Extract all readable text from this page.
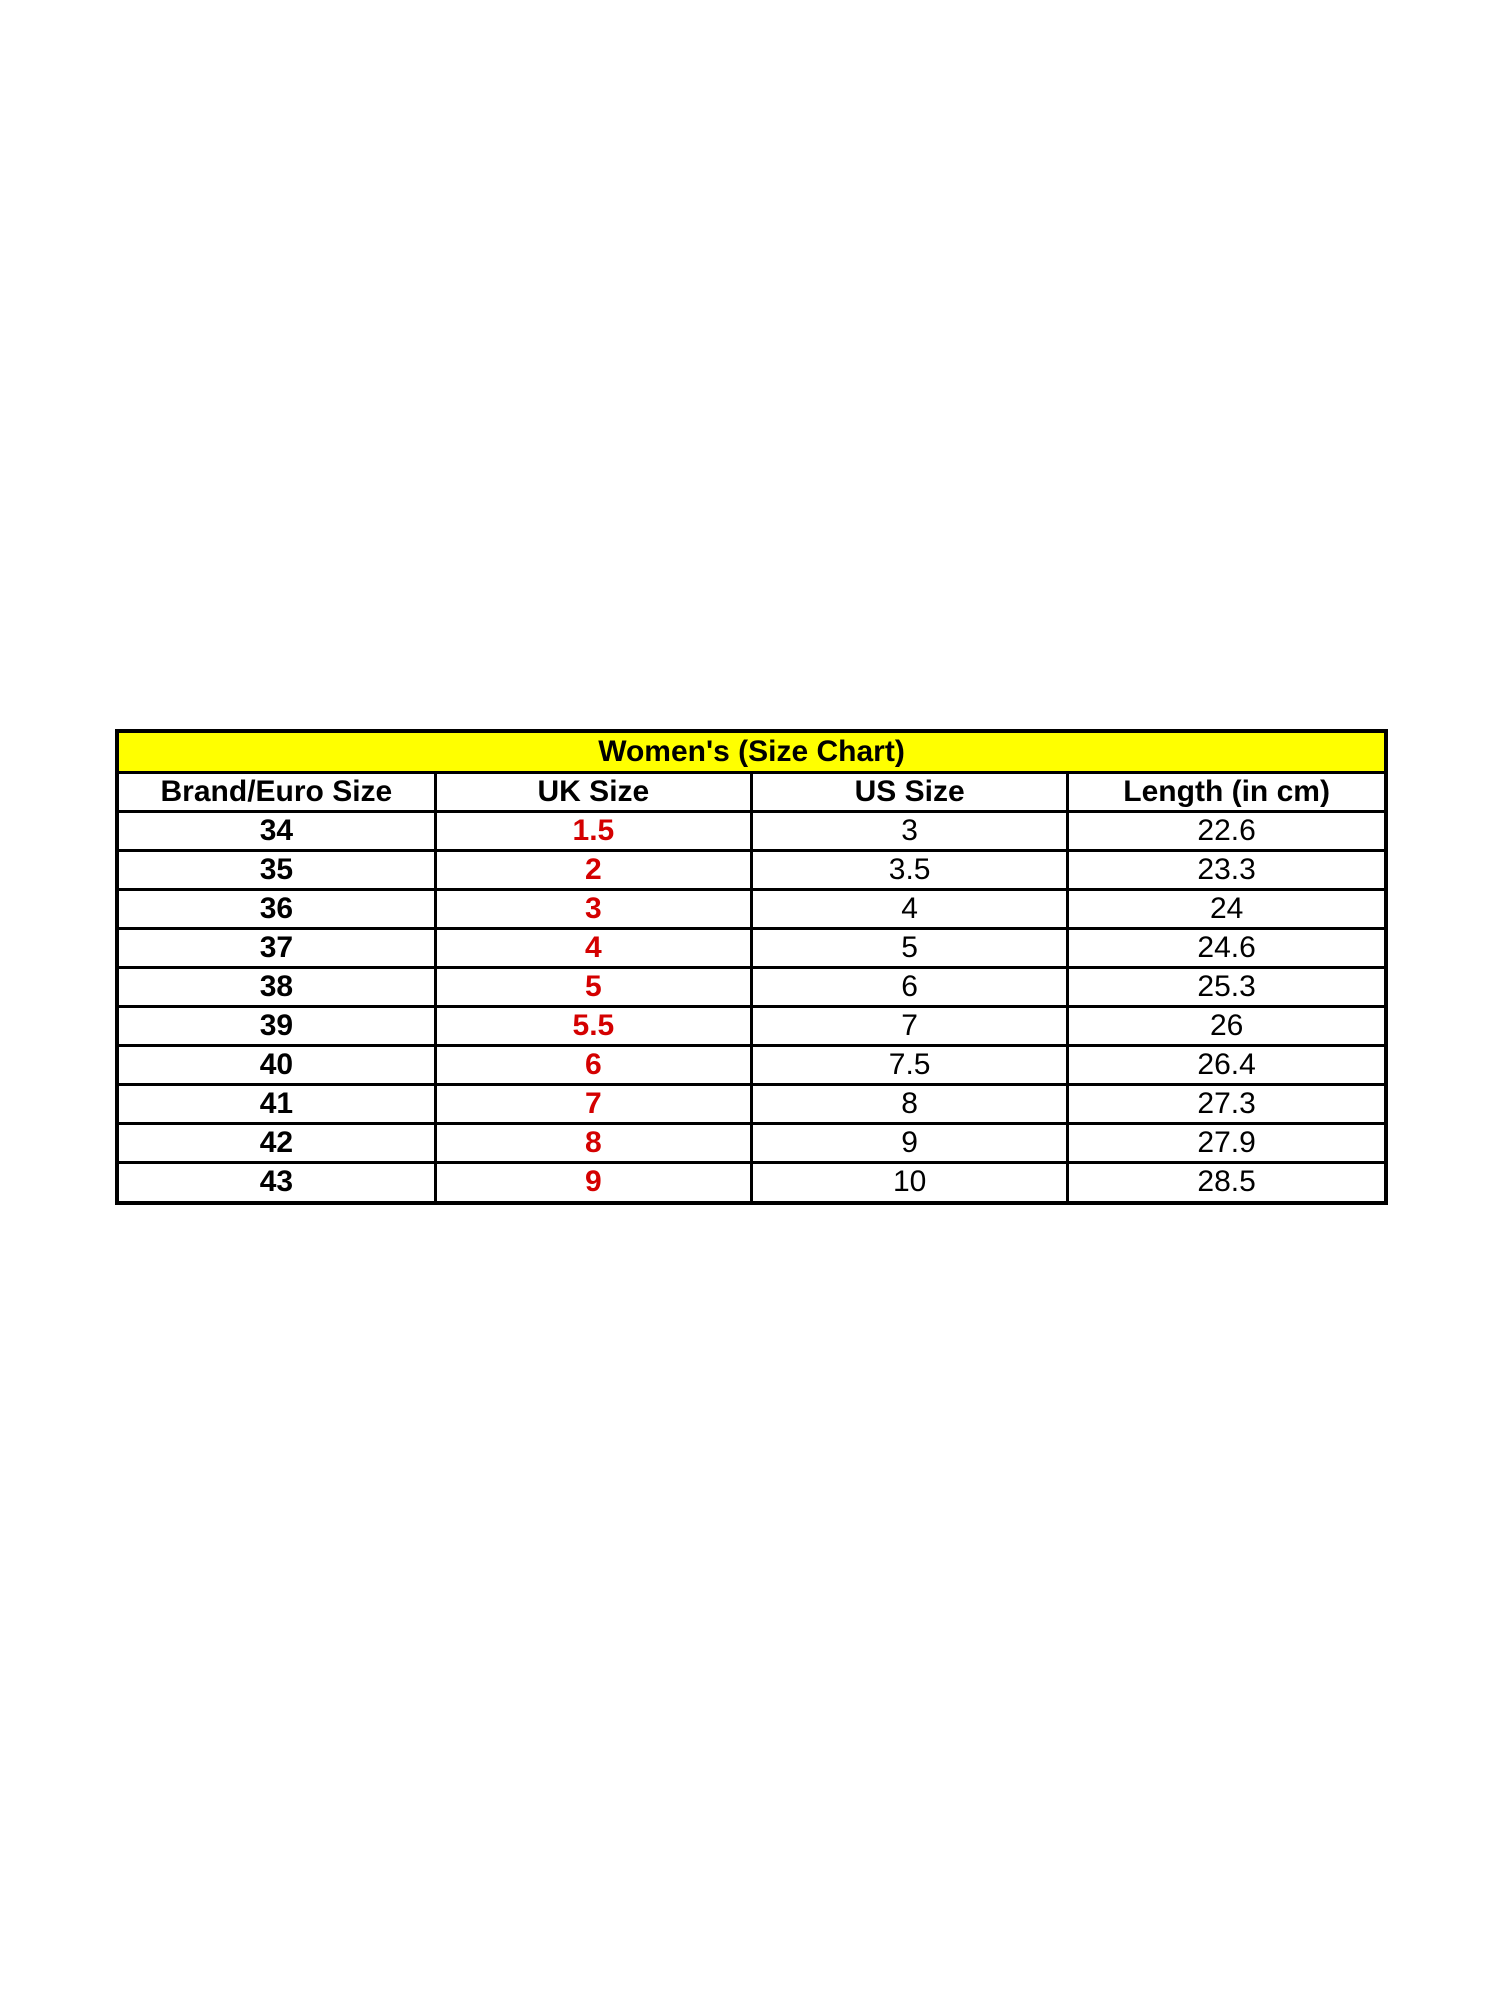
Women's (Size Chart)			
Brand/Euro Size	UK Size	US Size	Length (in cm)
34	1.5	3	22.6
35	2	3.5	23.3
36	3	4	24
37	4	5	24.6
38	5	6	25.3
39	5.5	7	26
40	6	7.5	26.4
41	7	8	27.3
42	8	9	27.9
43	9	10	28.5
